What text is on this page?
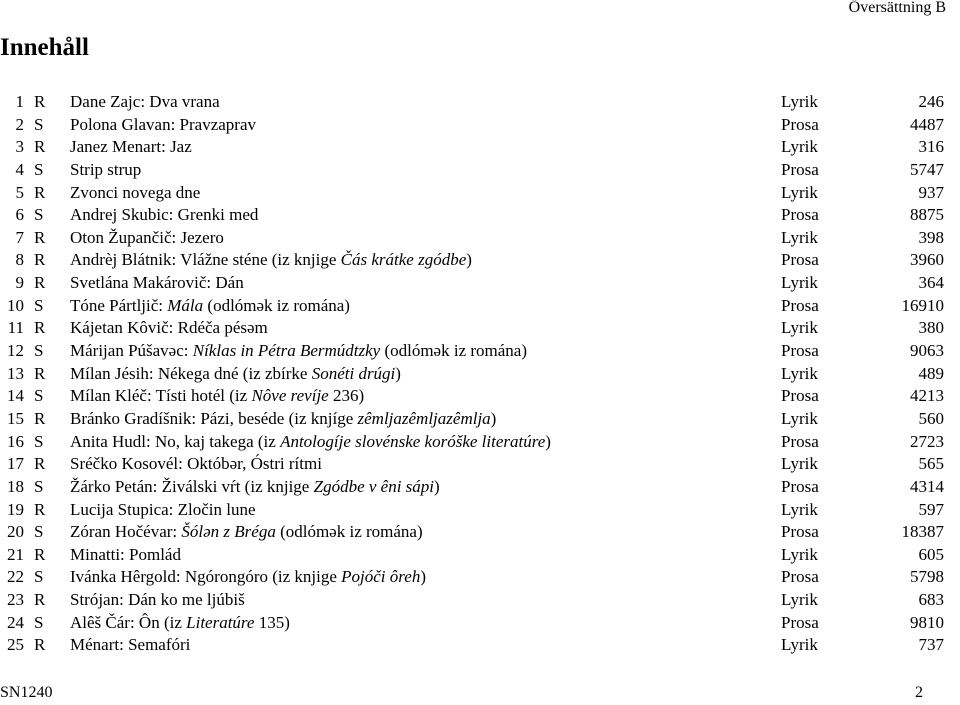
Översättning B
Innehåll
1 R Dane Zajc: Dva vrana	Lyrik	246
2 S Polona Glavan: Pravzaprav	Prosa	4487
3 R Janez Menart: Jaz	Lyrik	316
4 S Strip strup	Prosa	5747
5 R Zvonci novega dne	Lyrik	937
6 S Andrej Skubic: Grenki med	Prosa	8875
7 R Oton Župančič: Jezero	Lyrik	398
8 R Andrèj Blátnik: Vlážne sténe (iz knjige Čás krátke zgódbe)	Prosa	3960
9 R Svetlána Makárovič: Dán	Lyrik	364
10 S Tóne Pártljič: Mála (odlómək iz romána)	Prosa	16910
11 R Kájetan Kôvič: Rdéča pésəm	Lyrik	380
12 S Márijan Púšavəc: Níklas in Pétra Bermúdtzky (odlómək iz romána)	Prosa	9063
13 R Mílan Jésih: Nékega dné (iz zbírke Sonéti drúgi)	Lyrik	489
14 S Mílan Kléč: Tísti hotél (iz Nôve revíje 236)	Prosa	4213
15 R Bránko Gradíšnik: Pázi, beséde (iz knjíge zêmljazêmljazêmlja)	Lyrik	560
16 S Anita Hudl: No, kaj takega (iz Antologíje slovénske koróške literatúre)	Prosa	2723
17 R Sréčko Kosovél: Októbər, Óstri rítmi	Lyrik	565
18 S Žárko Petán: Živálski vŕt (iz knjige Zgódbe v êni sápi)	Prosa	4314
19 R Lucija Stupica: Zločin lune	Lyrik	597
20 S Zóran Hočévar: Šólən z Bréga (odlómək iz romána)	Prosa	18387
21 R Minatti: Pomlád	Lyrik	605
22 S Ivánka Hêrgold: Ngórongóro (iz knjige Pojóči ôreh)	Prosa	5798
23 R Strójan: Dán ko me ljúbiš	Lyrik	683
24 S Alêš Čár: Ôn (iz Literatúre 135)	Prosa	9810
25 R Ménart: Semafóri	Lyrik	737
SN1240	2
